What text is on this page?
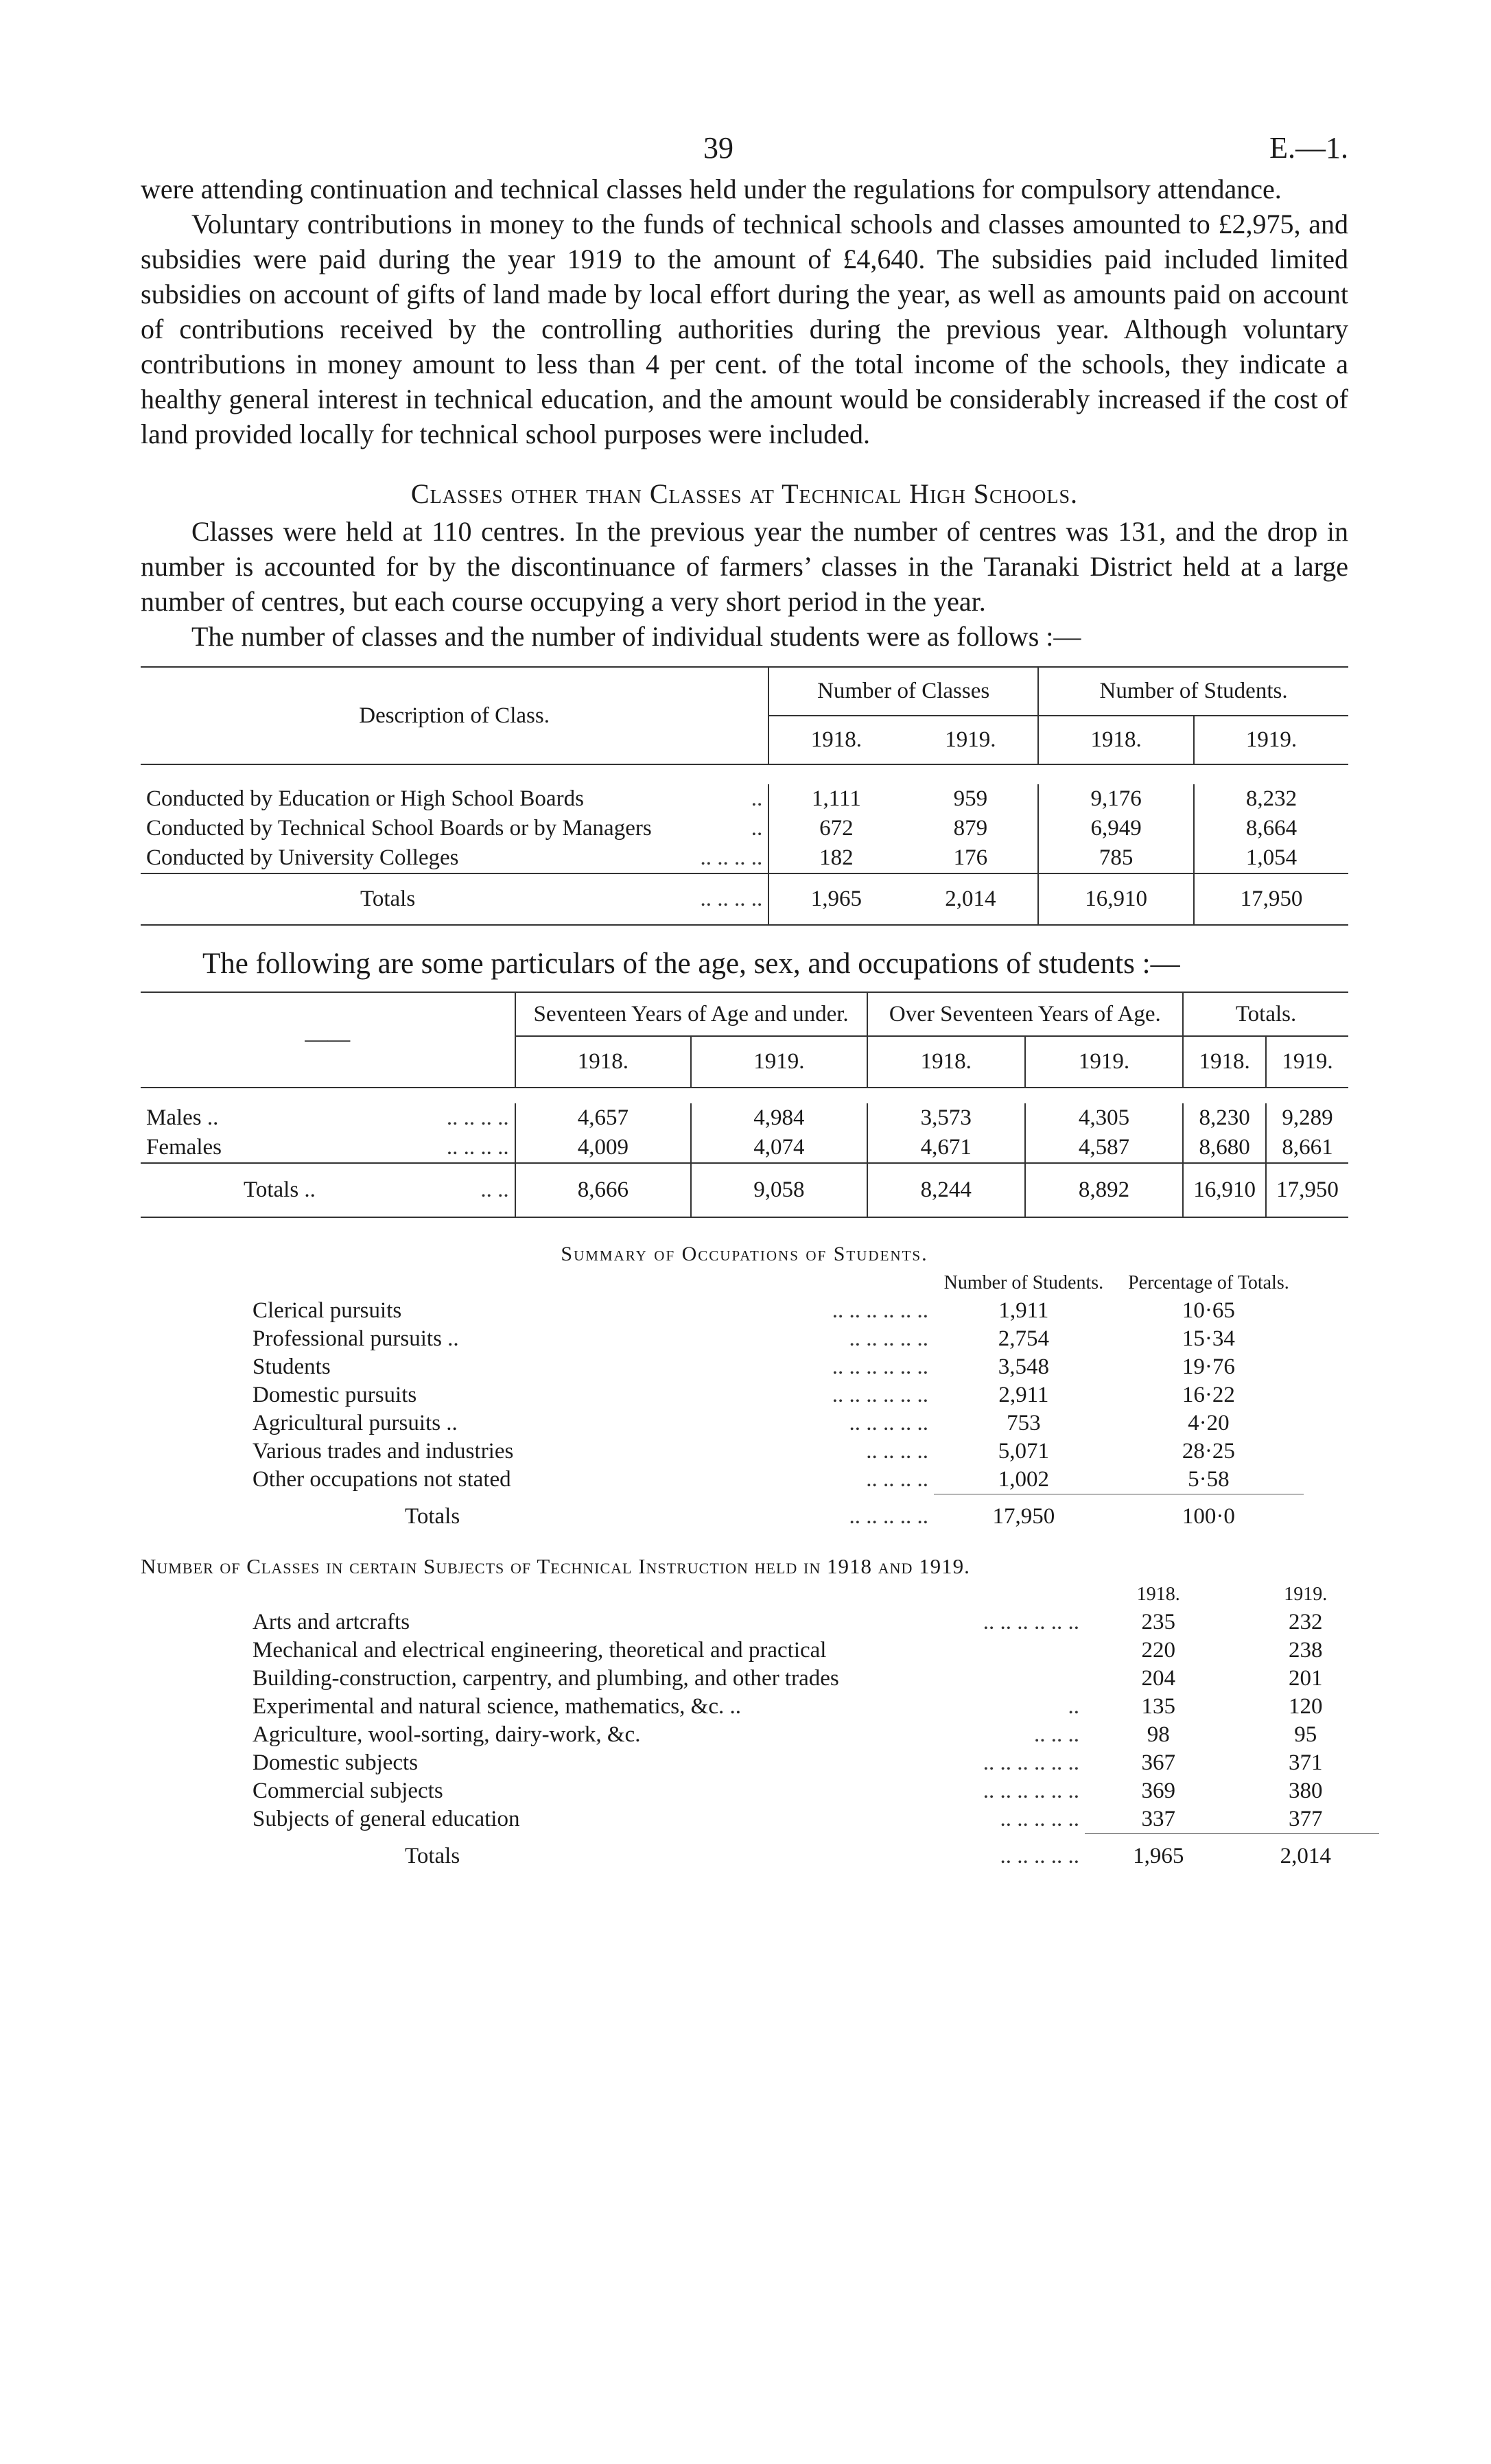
39	E.—1.

were attending continuation and technical classes held under the regulations for compulsory attendance.

Voluntary contributions in money to the funds of technical schools and classes amounted to £2,975, and subsidies were paid during the year 1919 to the amount of £4,640. The subsidies paid included limited subsidies on account of gifts of land made by local effort during the year, as well as amounts paid on account of contributions received by the controlling authorities during the previous year. Although voluntary contributions in money amount to less than 4 per cent. of the total income of the schools, they indicate a healthy general interest in technical education, and the amount would be considerably increased if the cost of land provided locally for technical school purposes were included.

Classes other than Classes at Technical High Schools.

Classes were held at 110 centres. In the previous year the number of centres was 131, and the drop in number is accounted for by the discontinuance of farmers’ classes in the Taranaki District held at a large number of centres, but each course occupying a very short period in the year.

The number of classes and the number of individual students were as follows :—

Description of Class.	Number of Classes		Number of Students.	
	1918.	1919.	1918.	1919.

Conducted by Education or High School Boards ..	1,111	959	9,176	8,232
Conducted by Technical School Boards or by Managers ..	672	879	6,949	8,664
Conducted by University Colleges .. .. .. ..	182	176	785	1,054
Totals .. .. .. ..	1,965	2,014	16,910	17,950
The following are some particulars of the age, sex, and occupations of students :—
——	Seventeen Years of Age and under.		Over Seventeen Years of Age.		Totals.	
	1918.	1919.	1918.	1919.	1918.	1919.

Males .. .. .. .. ..	4,657	4,984	3,573	4,305	8,230	9,289
Females .. .. .. ..	4,009	4,074	4,671	4,587	8,680	8,661
Totals .. .. ..	8,666	9,058	8,244	8,892	16,910	17,950
Summary of Occupations of Students.
	Number of Students.	Percentage of Totals.
Clerical pursuits .. .. .. .. .. ..	1,911	10·65
Professional pursuits .. .. .. .. .. ..	2,754	15·34
Students .. .. .. .. .. ..	3,548	19·76
Domestic pursuits .. .. .. .. .. ..	2,911	16·22
Agricultural pursuits .. .. .. .. .. ..	753	4·20
Various trades and industries .. .. .. ..	5,071	28·25
Other occupations not stated .. .. .. ..	1,002	5·58
Totals .. .. .. .. ..	17,950	100·0
Number of Classes in certain Subjects of Technical Instruction held in 1918 and 1919.
	1918.	1919.
Arts and artcrafts .. .. .. .. .. ..	235	232
Mechanical and electrical engineering, theoretical and practical	220	238
Building-construction, carpentry, and plumbing, and other trades	204	201
Experimental and natural science, mathematics, &c. .. ..	135	120
Agriculture, wool-sorting, dairy-work, &c. .. .. ..	98	95
Domestic subjects .. .. .. .. .. ..	367	371
Commercial subjects .. .. .. .. .. ..	369	380
Subjects of general education .. .. .. .. ..	337	377
Totals .. .. .. .. ..	1,965	2,014
